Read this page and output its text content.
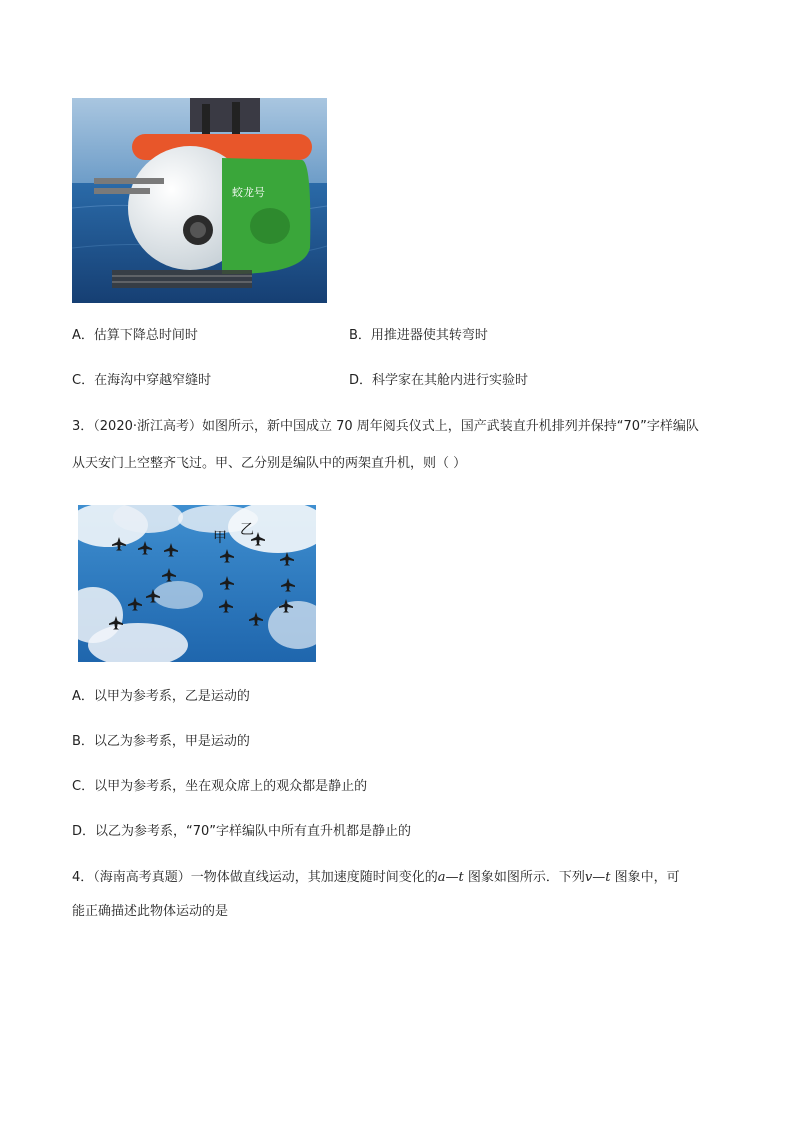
蛟龙号
A．估算下降总时间时	B．用推进器使其转弯时
C．在海沟中穿越窄缝时	D．科学家在其舱内进行实验时
3．（2020·浙江高考）如图所示，新中国成立 70 周年阅兵仪式上，国产武装直升机排列并保持“70”字样编队
从天安门上空整齐飞过。甲、乙分别是编队中的两架直升机，则（ ）
甲 乙
A．以甲为参考系，乙是运动的
B．以乙为参考系，甲是运动的
C．以甲为参考系，坐在观众席上的观众都是静止的
D．以乙为参考系，“70”字样编队中所有直升机都是静止的
4．（海南高考真题）一物体做直线运动，其加速度随时间变化的a—t 图象如图所示．下列v—t 图象中，可
能正确描述此物体运动的是
